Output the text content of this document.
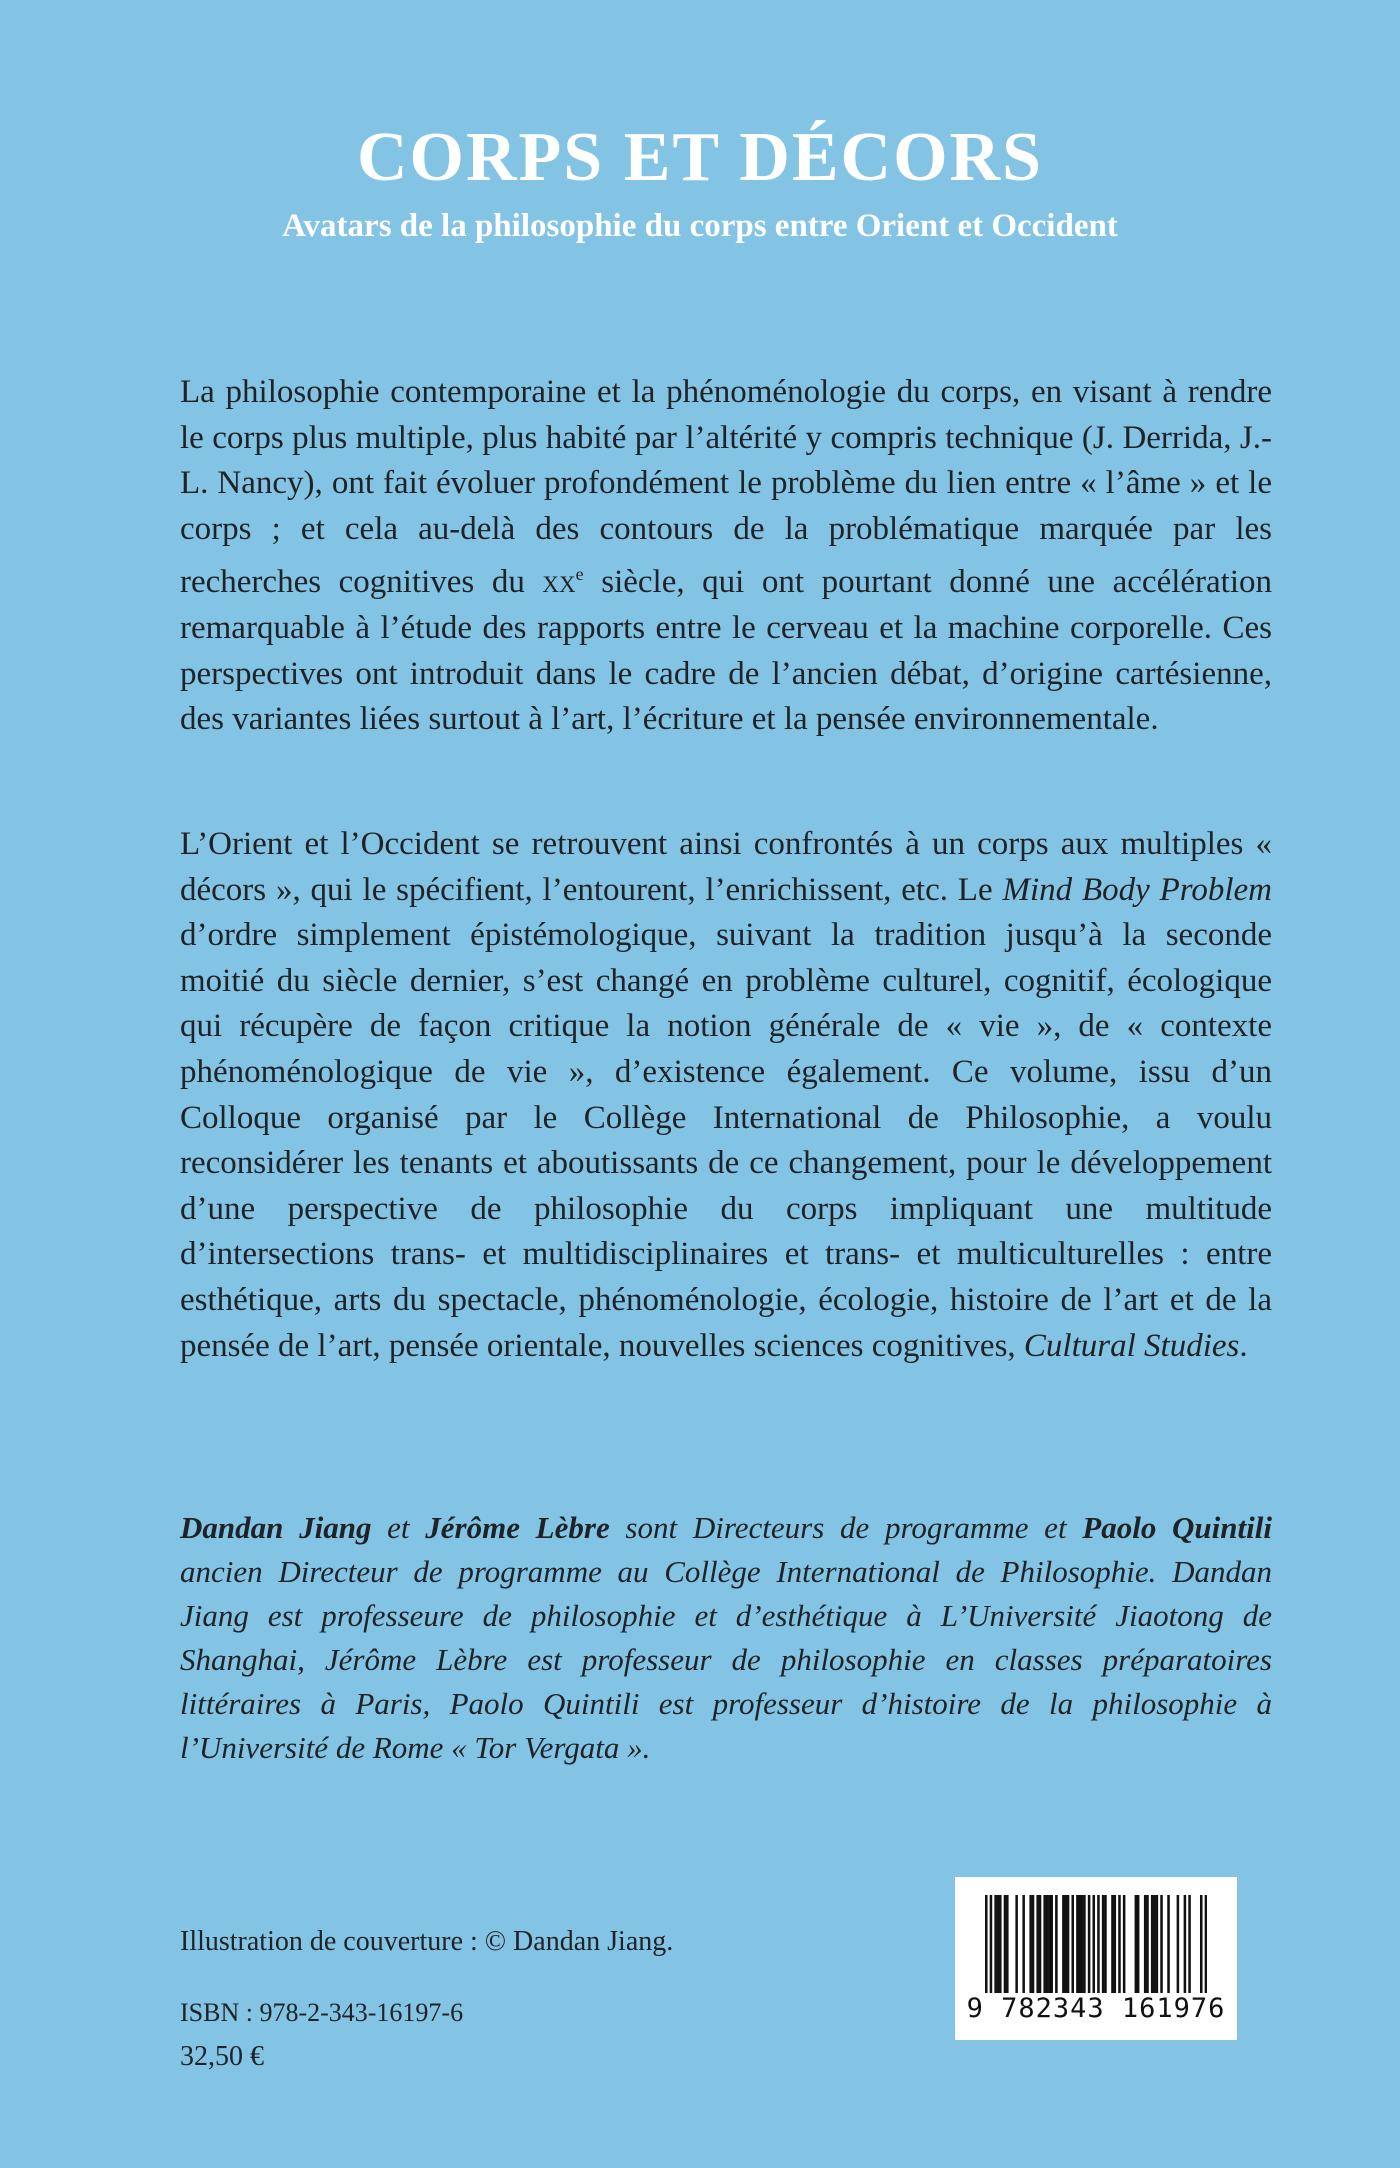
CORPS ET DÉCORS
Avatars de la philosophie du corps entre Orient et Occident

La philosophie contemporaine et la phénoménologie du corps, en visant à rendre le corps plus multiple, plus habité par l’altérité y compris technique (J. Derrida, J.-L. Nancy), ont fait évoluer profondément le problème du lien entre « l’âme » et le corps ; et cela au-delà des contours de la problématique marquée par les recherches cognitives du $xx^e$ siècle, qui ont pourtant donné une accélération remarquable à l’étude des rapports entre le cerveau et la machine corporelle. Ces perspectives ont introduit dans le cadre de l’ancien débat, d’origine cartésienne, des variantes liées surtout à l’art, l’écriture et la pensée environnementale.

L’Orient et l’Occident se retrouvent ainsi confrontés à un corps aux multiples « décors », qui le spécifient, l’entourent, l’enrichissent, etc. Le Mind Body Problem d’ordre simplement épistémologique, suivant la tradition jusqu’à la seconde moitié du siècle dernier, s’est changé en problème culturel, cognitif, écologique qui récupère de façon critique la notion générale de « vie », de « contexte phénoménologique de vie », d’existence également. Ce volume, issu d’un Colloque organisé par le Collège International de Philosophie, a voulu reconsidérer les tenants et aboutissants de ce changement, pour le développement d’une perspective de philosophie du corps impliquant une multitude d’intersections trans- et multidisciplinaires et trans- et multiculturelles : entre esthétique, arts du spectacle, phénoménologie, écologie, histoire de l’art et de la pensée de l’art, pensée orientale, nouvelles sciences cognitives, Cultural Studies.

Dandan Jiang et Jérôme Lèbre sont Directeurs de programme et Paolo Quintili ancien Directeur de programme au Collège International de Philosophie. Dandan Jiang est professeure de philosophie et d’esthétique à L’Université Jiaotong de Shanghai, Jérôme Lèbre est professeur de philosophie en classes préparatoires littéraires à Paris, Paolo Quintili est professeur d’histoire de la philosophie à l’Université de Rome « Tor Vergata ».

Illustration de couverture : © Dandan Jiang.

ISBN : 978-2-343-16197-6

32,50 €

9 782343 161976
